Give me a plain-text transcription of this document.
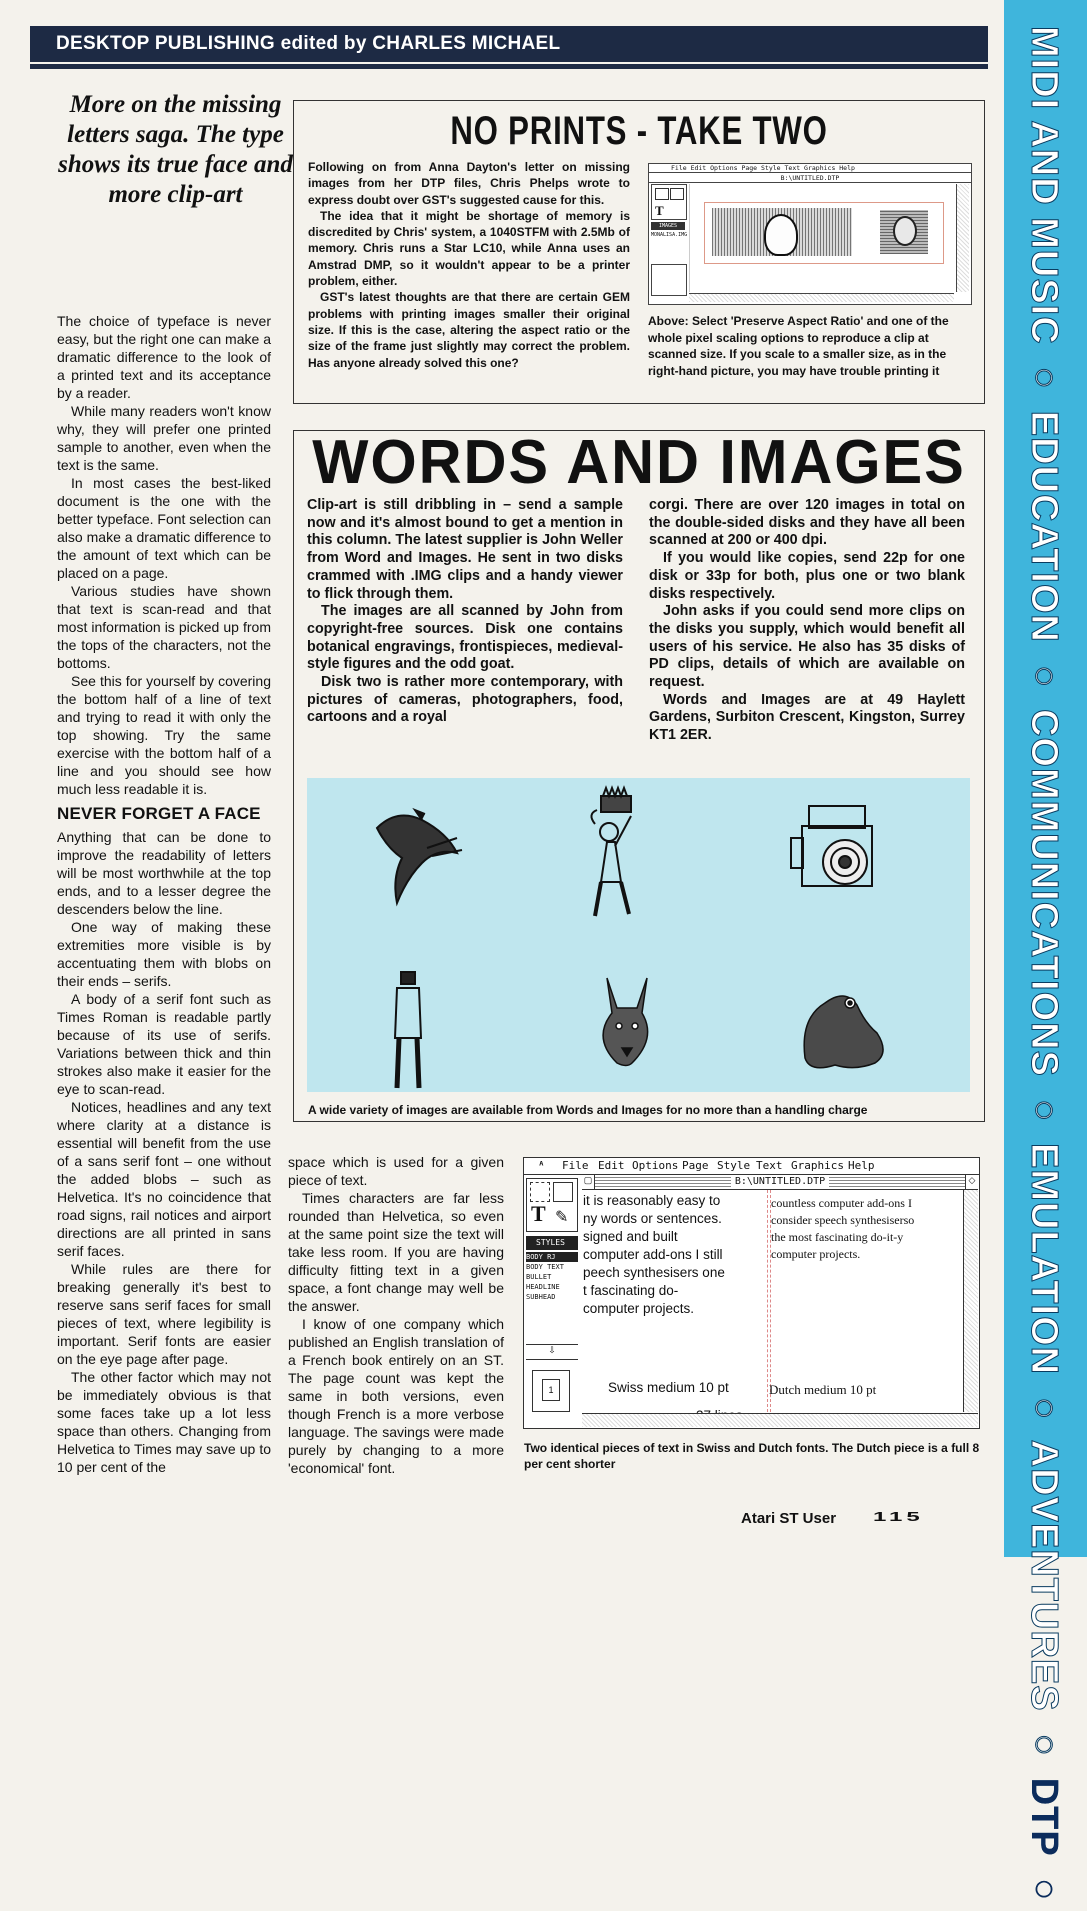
DESKTOP PUBLISHING edited by CHARLES MICHAEL	MIDI AND MUSIC ○ EDUCATION ○ COMMUNICATIONS ○ EMULATION ○ ADVENTURES ○ DTP ○
More on the missing letters saga. The type shows its true face and more clip-art

The choice of typeface is never easy, but the right one can make a dramatic difference to the look of a printed text and its acceptance by a reader.

While many readers won't know why, they will prefer one printed sample to another, even when the text is the same.

In most cases the best-liked document is the one with the better typeface. Font selection can also make a dramatic difference to the amount of text which can be placed on a page.

Various studies have shown that text is scan-read and that most information is picked up from the tops of the characters, not the bottoms.

See this for yourself by covering the bottom half of a line of text and trying to read it with only the top showing. Try the same exercise with the bottom half of a line and you should see how much less readable it is.

NEVER FORGET A FACE

Anything that can be done to improve the readability of letters will be most worthwhile at the top ends, and to a lesser degree the descenders below the line.

One way of making these extremities more visible is by accentuating them with blobs on their ends – serifs.

A body of a serif font such as Times Roman is readable partly because of its use of serifs. Variations between thick and thin strokes also make it easier for the eye to scan-read.

Notices, headlines and any text where clarity at a distance is essential will benefit from the use of a sans serif font – one without the added blobs – such as Helvetica. It's no coincidence that road signs, rail notices and airport directions are all printed in sans serif faces.

While rules are there for breaking generally it's best to reserve sans serif faces for small pieces of text, where legibility is important. Serif fonts are easier on the eye page after page.

The other factor which may not be immediately obvious is that some faces take up a lot less space than others. Changing from Helvetica to Times may save up to 10 per cent of the

space which is used for a given piece of text.

Times characters are far less rounded than Helvetica, so even at the same point size the text will take less room. If you are having difficulty fitting text in a given space, a font change may well be the answer.

I know of one company which published an English translation of a French book entirely on an ST. The page count was kept the same in both versions, even though French is a more verbose language. The savings were made purely by changing to a more 'economical' font.

NO PRINTS - TAKE TWO

Following on from Anna Dayton's letter on missing images from her DTP files, Chris Phelps wrote to express doubt over GST's suggested cause for this.

The idea that it might be shortage of memory is discredited by Chris' system, a 1040STFM with 2.5Mb of memory. Chris runs a Star LC10, while Anna uses an Amstrad DMP, so it wouldn't appear to be a printer problem, either.

GST's latest thoughts are that there are certain GEM problems with printing images smaller their original size. If this is the case, altering the aspect ratio or the size of the frame just slightly may correct the problem. Has anyone already solved this one?

File Edit Options Page Style Text Graphics Help
B:\UNTITLED.DTP
T
IMAGES
MONALISA.IMG
Above: Select 'Preserve Aspect Ratio' and one of the whole pixel scaling options to reproduce a clip at scanned size. If you scale to a smaller size, as in the right-hand picture, you may have trouble printing it
WORDS AND IMAGES

Clip-art is still dribbling in – send a sample now and it's almost bound to get a mention in this column. The latest supplier is John Weller from Word and Images. He sent in two disks crammed with .IMG clips and a handy viewer to flick through them.

The images are all scanned by John from copyright-free sources. Disk one contains botanical engravings, frontispieces, medieval-style figures and the odd goat.

Disk two is rather more contemporary, with pictures of cameras, photographers, food, cartoons and a royal

corgi. There are over 120 images in total on the double-sided disks and they have all been scanned at 200 or 400 dpi.

If you would like copies, send 22p for one disk or 33p for both, plus one or two blank disks respectively.

John asks if you could send more clips on the disks you supply, which would benefit all users of his service. He also has 35 disks of PD clips, details of which are available on request.

Words and Images are at 49 Haylett Gardens, Surbiton Crescent, Kingston, Surrey KT1 2ER.

A wide variety of images are available from Words and Images for no more than a handling charge
ᴬ File Edit Options Page Style Text Graphics Help
B:\UNTITLED.DTP
▢	◇
T ✎
STYLES
BODY RJ
BODY TEXT
BULLET
HEADLINE
SUBHEAD
⇩
1
it is reasonably easy to
ny words or sentences.
signed and built
computer add-ons I still
peech synthesisers one
t fascinating do-
computer projects.
Swiss medium 10 pt
countless computer add-ons I
consider speech synthesiserso
the most fascinating do-it-y
computer projects.
Dutch medium 10 pt
Two identical pieces of text in Swiss and Dutch fonts. The Dutch piece is a full 8 per cent shorter
Atari ST User 115
